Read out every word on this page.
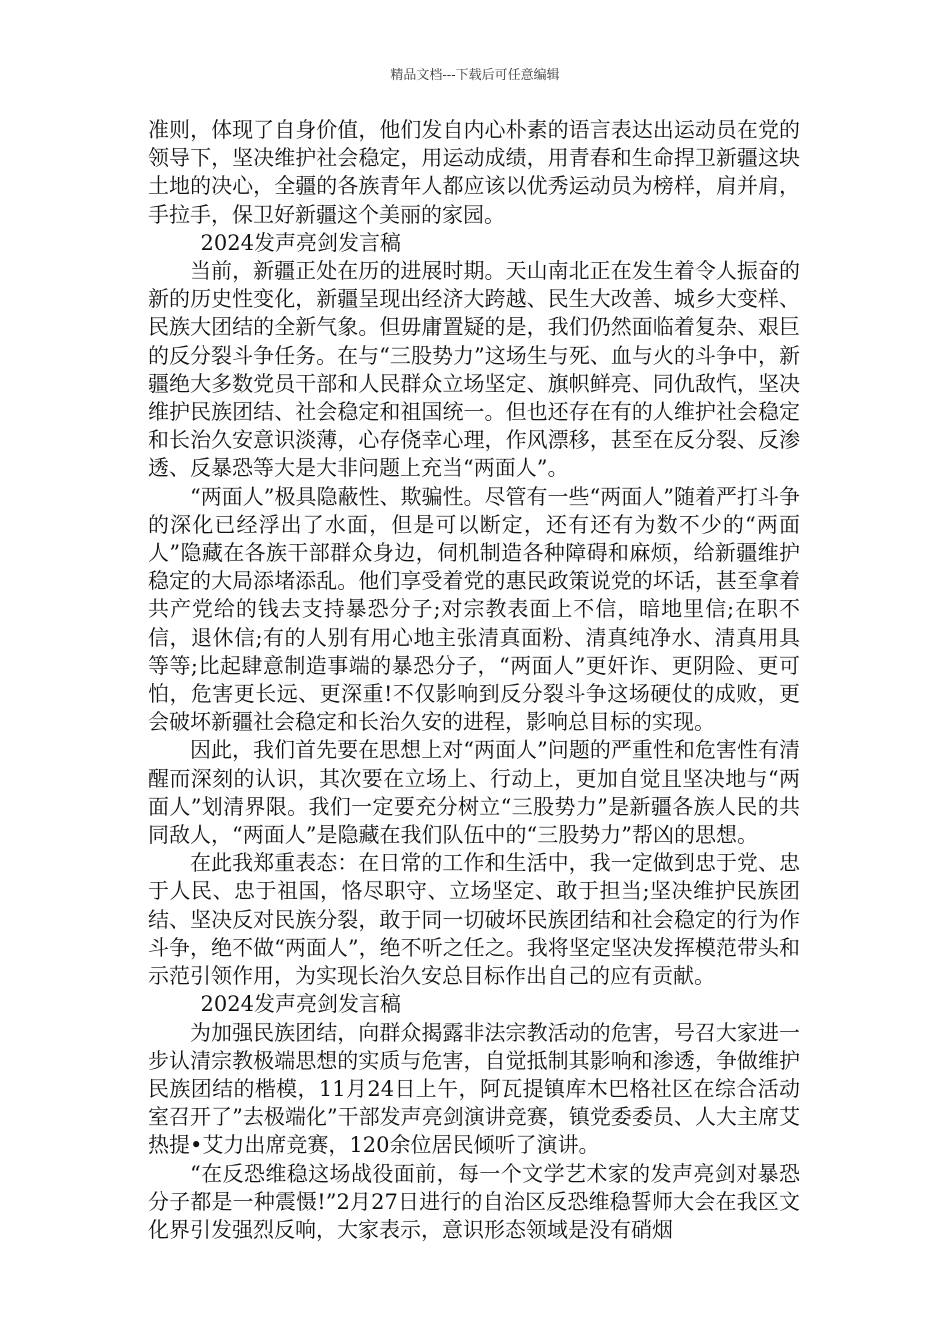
精品文档---下载后可任意编辑

准则，体现了自身价值，他们发自内心朴素的语言表达出运动员在党的领导下，坚决维护社会稳定，用运动成绩，用青春和生命捍卫新疆这块土地的决心，全疆的各族青年人都应该以优秀运动员为榜样，肩并肩，手拉手，保卫好新疆这个美丽的家园。

2024发声亮剑发言稿

当前，新疆正处在历的进展时期。天山南北正在发生着令人振奋的新的历史性变化，新疆呈现出经济大跨越、民生大改善、城乡大变样、民族大团结的全新气象。但毋庸置疑的是，我们仍然面临着复杂、艰巨的反分裂斗争任务。在与“三股势力”这场生与死、血与火的斗争中，新疆绝大多数党员干部和人民群众立场坚定、旗帜鲜亮、同仇敌忾，坚决维护民族团结、社会稳定和祖国统一。但也还存在有的人维护社会稳定和长治久安意识淡薄，心存侥幸心理，作风漂移，甚至在反分裂、反渗透、反暴恐等大是大非问题上充当“两面人”。

“两面人”极具隐蔽性、欺骗性。尽管有一些“两面人”随着严打斗争的深化已经浮出了水面，但是可以断定，还有还有为数不少的“两面人”隐藏在各族干部群众身边，伺机制造各种障碍和麻烦，给新疆维护稳定的大局添堵添乱。他们享受着党的惠民政策说党的坏话，甚至拿着共产党给的钱去支持暴恐分子;对宗教表面上不信，暗地里信;在职不信，退休信;有的人别有用心地主张清真面粉、清真纯净水、清真用具等等;比起肆意制造事端的暴恐分子，“两面人”更奸诈、更阴险、更可怕，危害更长远、更深重!不仅影响到反分裂斗争这场硬仗的成败，更会破坏新疆社会稳定和长治久安的进程，影响总目标的实现。

因此，我们首先要在思想上对“两面人”问题的严重性和危害性有清醒而深刻的认识，其次要在立场上、行动上，更加自觉且坚决地与“两面人”划清界限。我们一定要充分树立“三股势力”是新疆各族人民的共同敌人，“两面人”是隐藏在我们队伍中的“三股势力”帮凶的思想。

在此我郑重表态：在日常的工作和生活中，我一定做到忠于党、忠于人民、忠于祖国，恪尽职守、立场坚定、敢于担当;坚决维护民族团结、坚决反对民族分裂，敢于同一切破坏民族团结和社会稳定的行为作斗争，绝不做“两面人”，绝不听之任之。我将坚定坚决发挥模范带头和示范引领作用，为实现长治久安总目标作出自己的应有贡献。

2024发声亮剑发言稿

为加强民族团结，向群众揭露非法宗教活动的危害，号召大家进一步认清宗教极端思想的实质与危害，自觉抵制其影响和渗透，争做维护民族团结的楷模，11月24日上午，阿瓦提镇库木巴格社区在综合活动室召开了”去极端化”干部发声亮剑演讲竞赛，镇党委委员、人大主席艾热提•艾力出席竞赛，120余位居民倾听了演讲。

“在反恐维稳这场战役面前，每一个文学艺术家的发声亮剑对暴恐分子都是一种震慑!”2月27日进行的自治区反恐维稳誓师大会在我区文化界引发强烈反响，大家表示，意识形态领域是没有硝烟
